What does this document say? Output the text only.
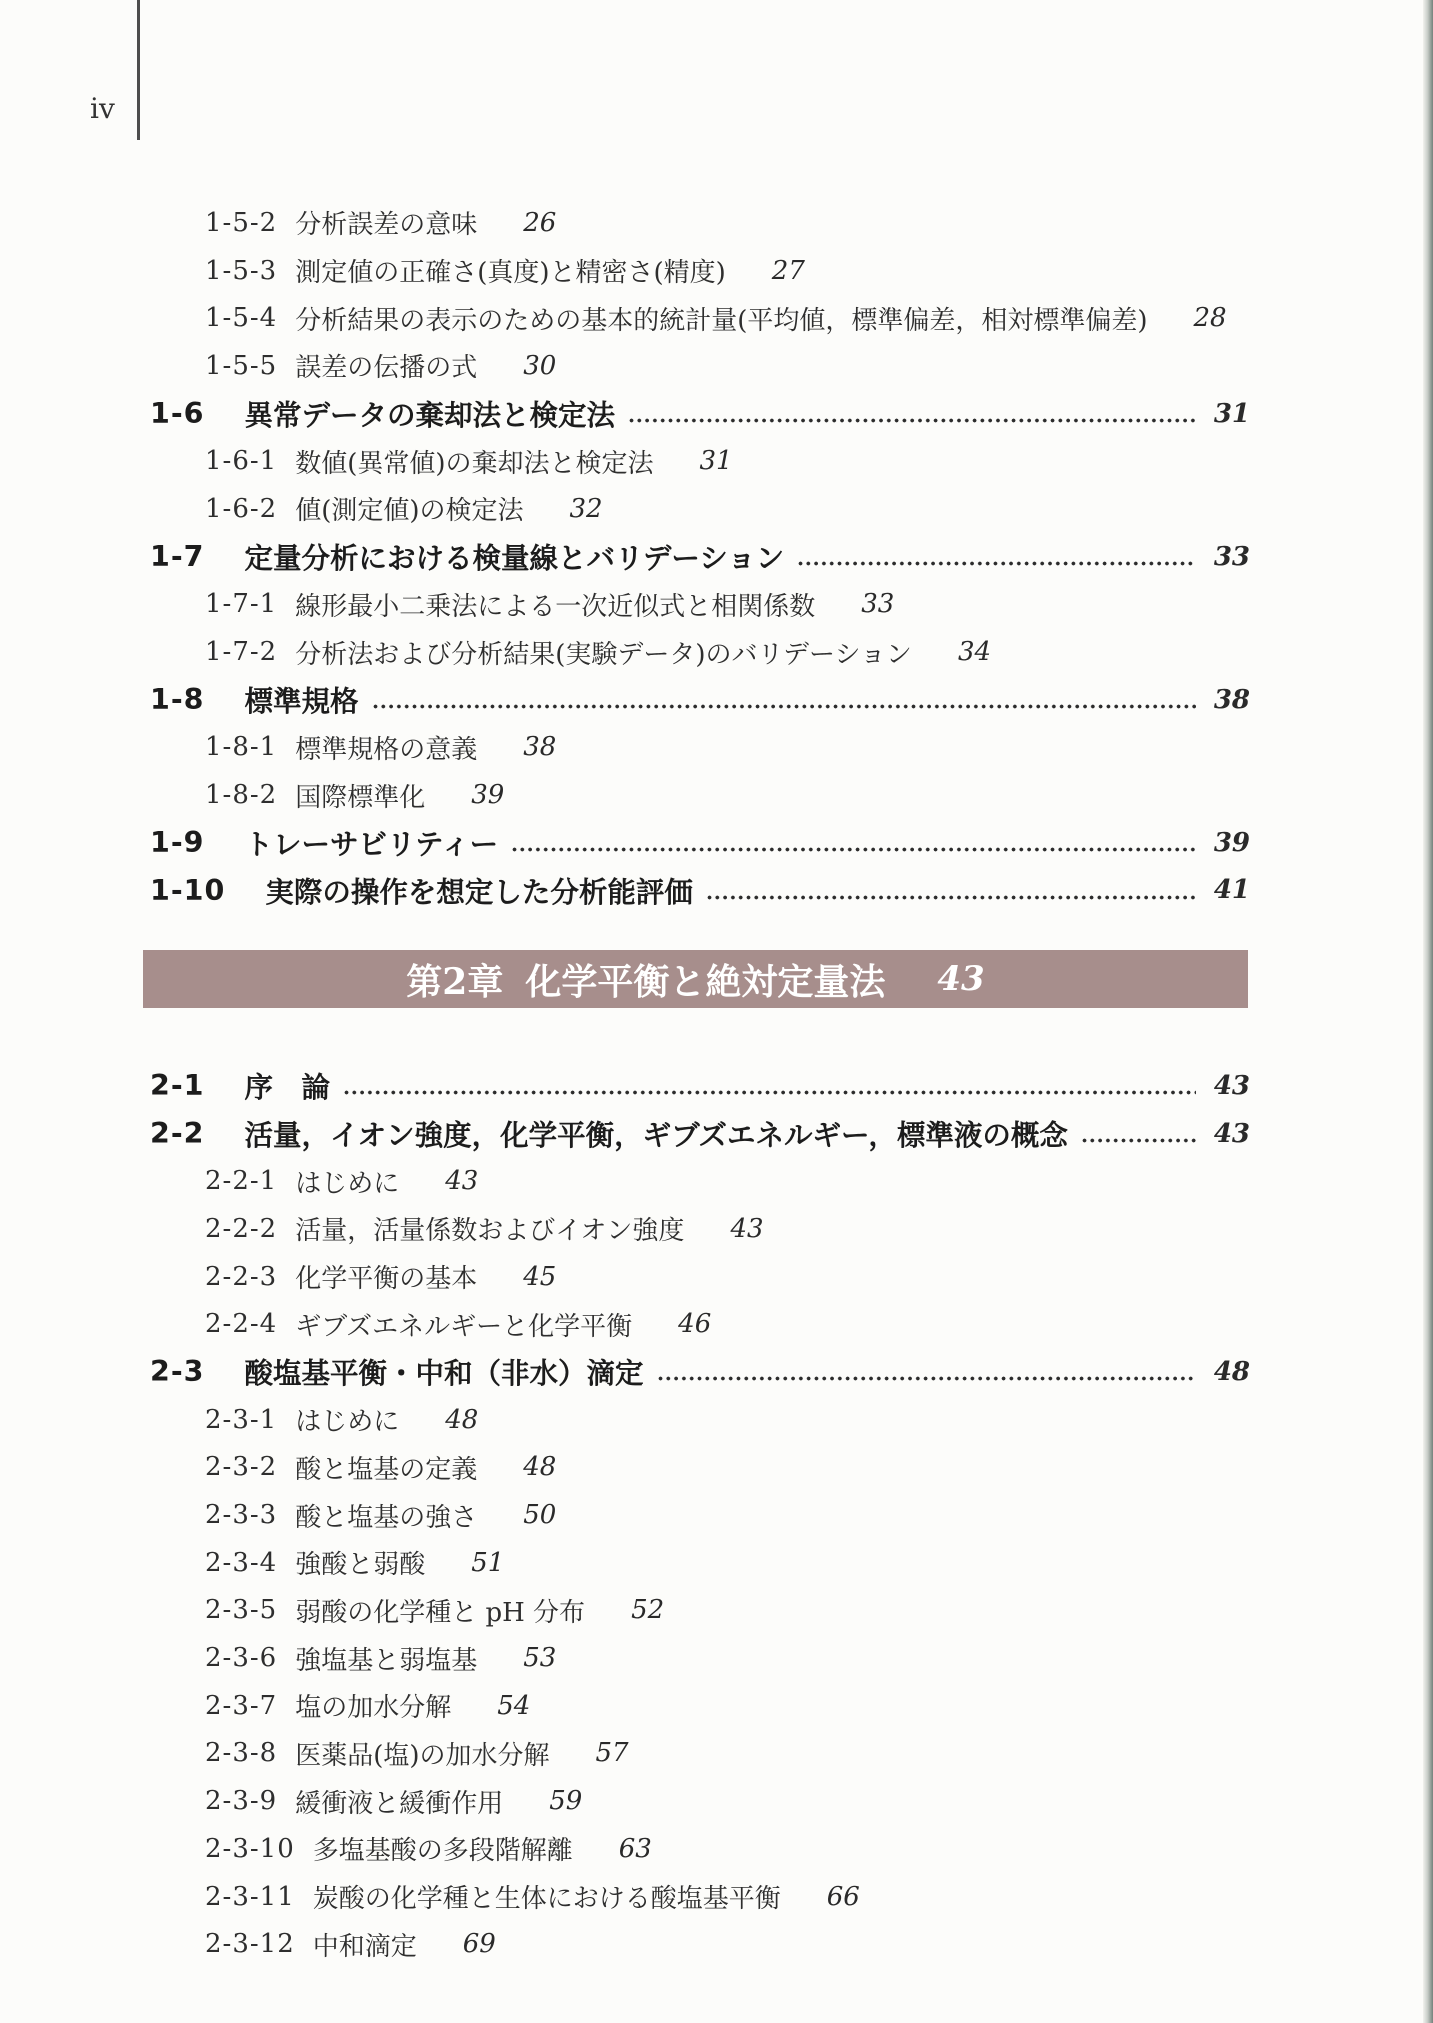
iv
1-5-2 分析誤差の意味 26
1-5-3 測定値の正確さ(真度)と精密さ(精度) 27
1-5-4 分析結果の表示のための基本的統計量(平均値，標準偏差，相対標準偏差) 28
1-5-5 誤差の伝播の式 30
1-6 異常データの棄却法と検定法	31
1-6-1 数値(異常値)の棄却法と検定法 31
1-6-2 値(測定値)の検定法 32
1-7 定量分析における検量線とバリデーション	33
1-7-1 線形最小二乗法による一次近似式と相関係数 33
1-7-2 分析法および分析結果(実験データ)のバリデーション 34
1-8 標準規格	38
1-8-1 標準規格の意義 38
1-8-2 国際標準化 39
1-9 トレーサビリティー	39
1-10 実際の操作を想定した分析能評価	41
第2章 化学平衡と絶対定量法 43
2-1 序　論	43
2-2 活量，イオン強度，化学平衡，ギブズエネルギー，標準液の概念	43
2-2-1 はじめに 43
2-2-2 活量，活量係数およびイオン強度 43
2-2-3 化学平衡の基本 45
2-2-4 ギブズエネルギーと化学平衡 46
2-3 酸塩基平衡・中和（非水）滴定	48
2-3-1 はじめに 48
2-3-2 酸と塩基の定義 48
2-3-3 酸と塩基の強さ 50
2-3-4 強酸と弱酸 51
2-3-5 弱酸の化学種と pH 分布 52
2-3-6 強塩基と弱塩基 53
2-3-7 塩の加水分解 54
2-3-8 医薬品(塩)の加水分解 57
2-3-9 緩衝液と緩衝作用 59
2-3-10 多塩基酸の多段階解離 63
2-3-11 炭酸の化学種と生体における酸塩基平衡 66
2-3-12 中和滴定 69
